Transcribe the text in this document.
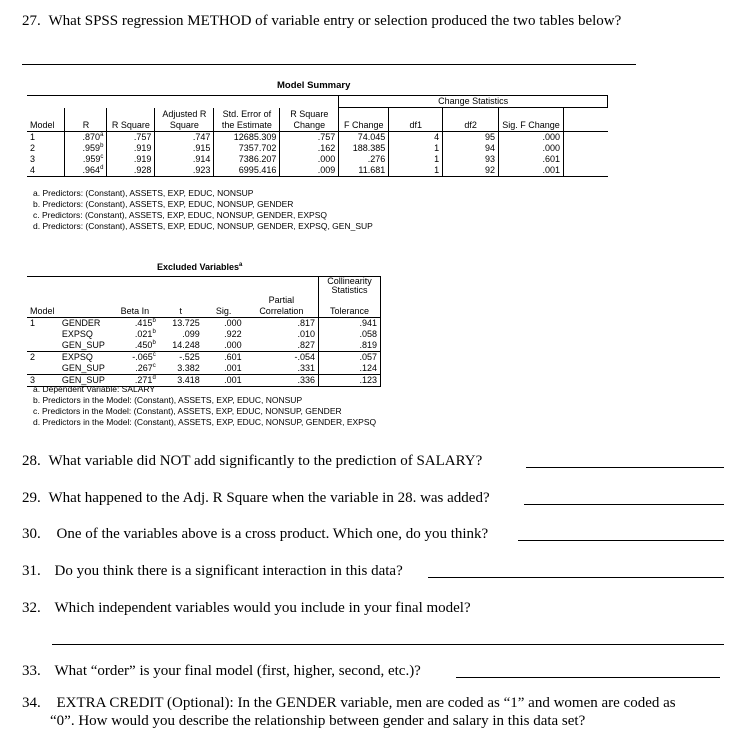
27. What SPSS regression METHOD of variable entry or selection produced the two tables below?
Model Summary
						Change Statistics				
Model	R	R Square	Adjusted R
Square	Std. Error of
the Estimate	R Square
Change	F Change	df1	df2	Sig. F Change	
1	.870$^a$	.757	.747	12685.309	.757	74.045	4	95	.000	
2	.959$^b$	.919	.915	7357.702	.162	188.385	1	94	.000	
3	.959$^c$	.919	.914	7386.207	.000	.276	1	93	.601	
4	.964$^d$	.928	.923	6995.416	.009	11.681	1	92	.001	
a. Predictors: (Constant), ASSETS, EXP, EDUC, NONSUP
b. Predictors: (Constant), ASSETS, EXP, EDUC, NONSUP, GENDER
c. Predictors: (Constant), ASSETS, EXP, EDUC, NONSUP, GENDER, EXPSQ
d. Predictors: (Constant), ASSETS, EXP, EDUC, NONSUP, GENDER, EXPSQ, GEN_SUP
Excluded Variables$^a$
						Collinearity
Statistics
Model		Beta In	t	Sig.	Partial
Correlation	Tolerance
1	GENDER	.415$^b$	13.725	.000	.817	.941
	EXPSQ	.021$^b$	.099	.922	.010	.058
	GEN_SUP	.450$^b$	14.248	.000	.827	.819
2	EXPSQ	-.065$^c$	-.525	.601	-.054	.057
	GEN_SUP	.267$^c$	3.382	.001	.331	.124
3	GEN_SUP	.271$^d$	3.418	.001	.336	.123
a. Dependent Variable: SALARY
b. Predictors in the Model: (Constant), ASSETS, EXP, EDUC, NONSUP
c. Predictors in the Model: (Constant), ASSETS, EXP, EDUC, NONSUP, GENDER
d. Predictors in the Model: (Constant), ASSETS, EXP, EDUC, NONSUP, GENDER, EXPSQ
28. What variable did NOT add significantly to the prediction of SALARY?
29. What happened to the Adj. R Square when the variable in 28. was added?
30. One of the variables above is a cross product. Which one, do you think?
31. Do you think there is a significant interaction in this data?
32. Which independent variables would you include in your final model?
33. What “order” is your final model (first, higher, second, etc.)?
34. EXTRA CREDIT (Optional): In the GENDER variable, men are coded as “1” and women are coded as
“0”. How would you describe the relationship between gender and salary in this data set?
